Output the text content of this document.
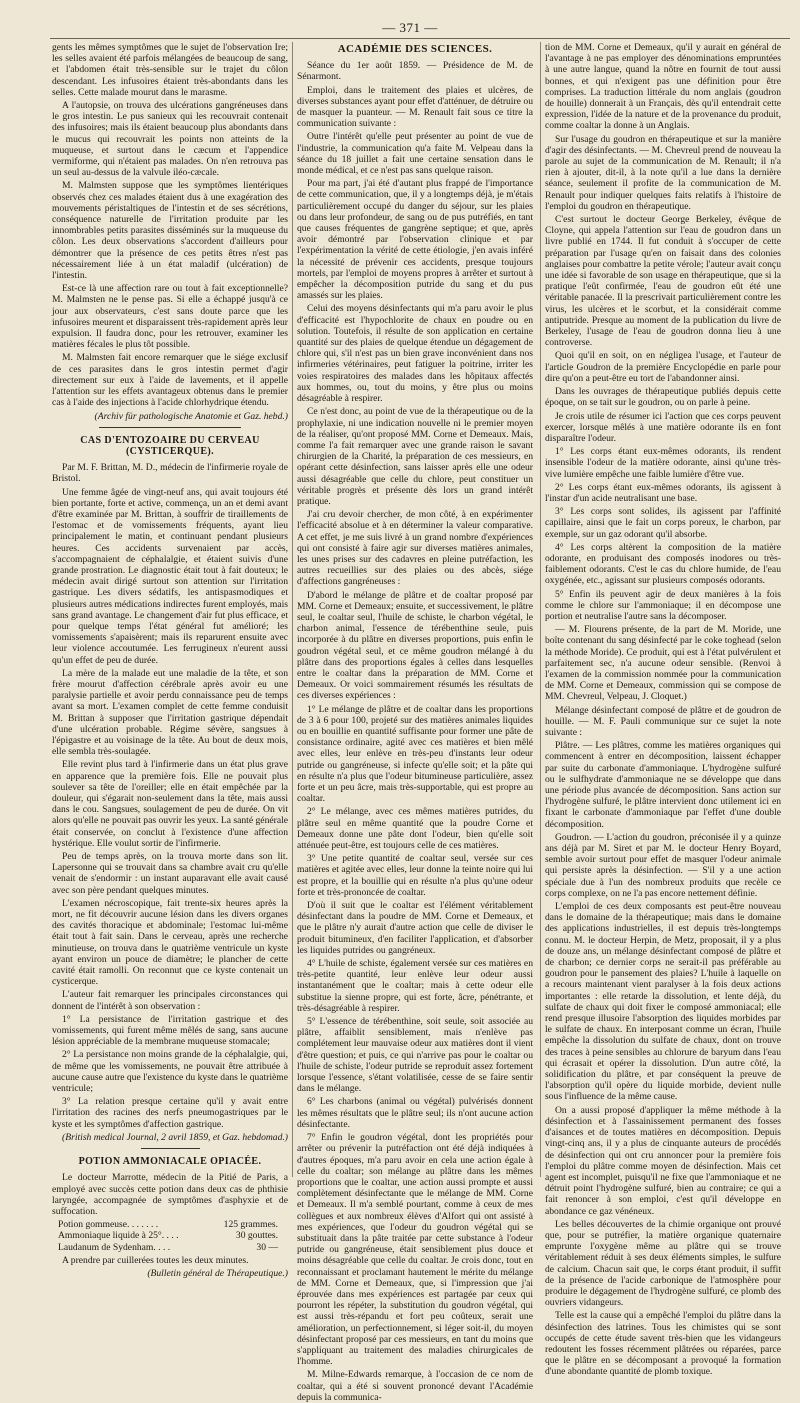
— 371 —

gents les mêmes symptômes que le sujet de l'observation Ire; les selles avaient été parfois mélangées de beaucoup de sang, et l'abdomen était très-sensible sur le trajet du côlon descendant. Les infusoires étaient très-abondants dans les selles. Cette malade mourut dans le marasme.

A l'autopsie, on trouva des ulcérations gangréneuses dans le gros intestin. Le pus sanieux qui les recouvrait contenait des infusoires; mais ils étaient beaucoup plus abondants dans le mucus qui recouvrait les points non atteints de la muqueuse, et surtout dans le cæcum et l'appendice vermiforme, qui n'étaient pas malades. On n'en retrouva pas un seul au-dessus de la valvule iléo-cæcale.

M. Malmsten suppose que les symptômes lientériques observés chez ces malades étaient dus à une exagération des mouvements péristaltiques de l'intestin et de ses sécrétions, conséquence naturelle de l'irritation produite par les innombrables petits parasites disséminés sur la muqueuse du côlon. Les deux observations s'accordent d'ailleurs pour démontrer que la présence de ces petits êtres n'est pas nécessairement liée à un état maladif (ulcération) de l'intestin.

Est-ce là une affection rare ou tout à fait exceptionnelle? M. Malmsten ne le pense pas. Si elle a échappé jusqu'à ce jour aux observateurs, c'est sans doute parce que les infusoires meurent et disparaissent très-rapidement après leur expulsion. Il faudra donc, pour les retrouver, examiner les matières fécales le plus tôt possible.

M. Malmsten fait encore remarquer que le siége exclusif de ces parasites dans le gros intestin permet d'agir directement sur eux à l'aide de lavements, et il appelle l'attention sur les effets avantageux obtenus dans le premier cas à l'aide des injections à l'acide chlorhydrique étendu.

(Archiv für pathologische Anatomie et Gaz. hebd.)
CAS D'ENTOZOAIRE DU CERVEAU (CYSTICERQUE).

Par M. F. Brittan, M. D., médecin de l'infirmerie royale de Bristol.

Une femme âgée de vingt-neuf ans, qui avait toujours été bien portante, forte et active, commença, un an et demi avant d'être examinée par M. Brittan, à souffrir de tiraillements de l'estomac et de vomissements fréquents, ayant lieu principalement le matin, et continuant pendant plusieurs heures. Ces accidents survenaient par accès, s'accompagnaient de céphalalgie, et étaient suivis d'une grande prostration. Le diagnostic était tout à fait douteux; le médecin avait dirigé surtout son attention sur l'irritation gastrique. Les divers sédatifs, les antispasmodiques et plusieurs autres médications indirectes furent employés, mais sans grand avantage. Le changement d'air fut plus efficace, et pour quelque temps l'état général fut amélioré; les vomissements s'apaisèrent; mais ils reparurent ensuite avec leur violence accoutumée. Les ferrugineux n'eurent aussi qu'un effet de peu de durée.

La mère de la malade eut une maladie de la tête, et son frère mourut d'affection cérébrale après avoir eu une paralysie partielle et avoir perdu connaissance peu de temps avant sa mort. L'examen complet de cette femme conduisit M. Brittan à supposer que l'irritation gastrique dépendait d'une ulcération probable. Régime sévère, sangsues à l'épigastre et au voisinage de la tête. Au bout de deux mois, elle sembla très-soulagée.

Elle revint plus tard à l'infirmerie dans un état plus grave en apparence que la première fois. Elle ne pouvait plus soulever sa tête de l'oreiller; elle en était empêchée par la douleur, qui s'égarait non-seulement dans la tête, mais aussi dans le cou. Sangsues, soulagement de peu de durée. On vit alors qu'elle ne pouvait pas ouvrir les yeux. La santé générale était conservée, on conclut à l'existence d'une affection hystérique. Elle voulut sortir de l'infirmerie.

Peu de temps après, on la trouva morte dans son lit. Lapersonne qui se trouvait dans sa chambre avait cru qu'elle venait de s'endormir : un instant auparavant elle avait causé avec son père pendant quelques minutes.

L'examen nécroscopique, fait trente-six heures après la mort, ne fit découvrir aucune lésion dans les divers organes des cavités thoracique et abdominale; l'estomac lui-même était tout à fait sain. Dans le cerveau, après une recherche minutieuse, on trouva dans le quatrième ventricule un kyste ayant environ un pouce de diamètre; le plancher de cette cavité était ramolli. On reconnut que ce kyste contenait un cysticerque.

L'auteur fait remarquer les principales circonstances qui donnent de l'intérêt à son observation :

1° La persistance de l'irritation gastrique et des vomissements, qui furent même mêlés de sang, sans aucune lésion appréciable de la membrane muqueuse stomacale;

2° La persistance non moins grande de la céphalalgie, qui, de même que les vomissements, ne pouvait être attribuée à aucune cause autre que l'existence du kyste dans le quatrième ventricule;

3° La relation presque certaine qu'il y avait entre l'irritation des racines des nerfs pneumogastriques par le kyste et les symptômes d'affection gastrique.

(British medical Journal, 2 avril 1859, et Gaz. hebdomad.)
POTION AMMONIACALE OPIACÉE.

Le docteur Marrotte, médecin de la Pitié de Paris, a employé avec succès cette potion dans deux cas de phthisie laryngée, accompagnée de symptômes d'asphyxie et de suffocation.

Potion gommeuse. . . . . . .	125 grammes.
Ammoniaque liquide à 25°. . . .	30 gouttes.
Laudanum de Sydenham. . . .	30 —

A prendre par cuillerées toutes les deux minutes.

(Bulletin général de Thérapeutique.)
ACADÉMIE DES SCIENCES.

Séance du 1er août 1859. — Présidence de M. de Sénarmont.

Emploi, dans le traitement des plaies et ulcères, de diverses substances ayant pour effet d'atténuer, de détruire ou de masquer la puanteur. — M. Renault fait sous ce titre la communication suivante :

Outre l'intérêt qu'elle peut présenter au point de vue de l'industrie, la communication qu'a faite M. Velpeau dans la séance du 18 juillet a fait une certaine sensation dans le monde médical, et ce n'est pas sans quelque raison.

Pour ma part, j'ai été d'autant plus frappé de l'importance de cette communication, que, il y a longtemps déjà, je m'étais particulièrement occupé du danger du séjour, sur les plaies ou dans leur profondeur, de sang ou de pus putréfiés, en tant que causes fréquentes de gangrène septique; et que, après avoir démontré par l'observation clinique et par l'expérimentation la vérité de cette étiologie, j'en avais inféré la nécessité de prévenir ces accidents, presque toujours mortels, par l'emploi de moyens propres à arrêter et surtout à empêcher la décomposition putride du sang et du pus amassés sur les plaies.

Celui des moyens désinfectants qui m'a paru avoir le plus d'efficacité est l'hypochlorite de chaux en poudre ou en solution. Toutefois, il résulte de son application en certaine quantité sur des plaies de quelque étendue un dégagement de chlore qui, s'il n'est pas un bien grave inconvénient dans nos infirmeries vétérinaires, peut fatiguer la poitrine, irriter les voies respiratoires des malades dans les hôpitaux affectés aux hommes, ou, tout du moins, y être plus ou moins désagréable à respirer.

Ce n'est donc, au point de vue de la thérapeutique ou de la prophylaxie, ni une indication nouvelle ni le premier moyen de la réaliser, qu'ont proposé MM. Corne et Demeaux. Mais, comme l'a fait remarquer avec une grande raison le savant chirurgien de la Charité, la préparation de ces messieurs, en opérant cette désinfection, sans laisser après elle une odeur aussi désagréable que celle du chlore, peut constituer un véritable progrès et présente dès lors un grand intérêt pratique.

J'ai cru devoir chercher, de mon côté, à en expérimenter l'efficacité absolue et à en déterminer la valeur comparative. A cet effet, je me suis livré à un grand nombre d'expériences qui ont consisté à faire agir sur diverses matières animales, les unes prises sur des cadavres en pleine putréfaction, les autres recueillies sur des plaies ou des abcès, siége d'affections gangréneuses :

D'abord le mélange de plâtre et de coaltar proposé par MM. Corne et Demeaux; ensuite, et successivement, le plâtre seul, le coaltar seul, l'huile de schiste, le charbon végétal, le charbon animal, l'essence de térébenthine seule, puis incorporée à du plâtre en diverses proportions, puis enfin le goudron végétal seul, et ce même goudron mélangé à du plâtre dans des proportions égales à celles dans lesquelles entre le coaltar dans la préparation de MM. Corne et Demeaux. Or voici sommairement résumés les résultats de ces diverses expériences :

1° Le mélange de plâtre et de coaltar dans les proportions de 3 à 6 pour 100, projeté sur des matières animales liquides ou en bouillie en quantité suffisante pour former une pâte de consistance ordinaire, agité avec ces matières et bien mêlé avec elles, leur enlève en très-peu d'instants leur odeur putride ou gangréneuse, si infecte qu'elle soit; et la pâte qui en résulte n'a plus que l'odeur bitumineuse particulière, assez forte et un peu âcre, mais très-supportable, qui est propre au coaltar.

2° Le mélange, avec ces mêmes matières putrides, du plâtre seul en même quantité que la poudre Corne et Demeaux donne une pâte dont l'odeur, bien qu'elle soit atténuée peut-être, est toujours celle de ces matières.

3° Une petite quantité de coaltar seul, versée sur ces matières et agitée avec elles, leur donne la teinte noire qui lui est propre, et la bouillie qui en résulte n'a plus qu'une odeur forte et très-prononcée de coaltar.

D'où il suit que le coaltar est l'élément véritablement désinfectant dans la poudre de MM. Corne et Demeaux, et que le plâtre n'y aurait d'autre action que celle de diviser le produit bitumineux, d'en faciliter l'application, et d'absorber les liquides putrides ou gangréneux.

4° L'huile de schiste, également versée sur ces matières en très-petite quantité, leur enlève leur odeur aussi instantanément que le coaltar; mais à cette odeur elle substitue la sienne propre, qui est forte, âcre, pénétrante, et très-désagréable à respirer.

5° L'essence de térébenthine, soit seule, soit associée au plâtre, affaiblit sensiblement, mais n'enlève pas complétement leur mauvaise odeur aux matières dont il vient d'être question; et puis, ce qui n'arrive pas pour le coaltar ou l'huile de schiste, l'odeur putride se reproduit assez fortement lorsque l'essence, s'étant volatilisée, cesse de se faire sentir dans le mélange.

6° Les charbons (animal ou végétal) pulvérisés donnent les mêmes résultats que le plâtre seul; ils n'ont aucune action désinfectante.

7° Enfin le goudron végétal, dont les propriétés pour arrêter ou prévenir la putréfaction ont été déjà indiquées à d'autres époques, m'a paru avoir en cela une action égale à celle du coaltar; son mélange au plâtre dans les mêmes proportions que le coaltar, une action aussi prompte et aussi complètement désinfectante que le mélange de MM. Corne et Demeaux. Il m'a semblé pourtant, comme à ceux de mes collègues et aux nombreux élèves d'Alfort qui ont assisté à mes expériences, que l'odeur du goudron végétal qui se substituait dans la pâte traitée par cette substance à l'odeur putride ou gangréneuse, était sensiblement plus douce et moins désagréable que celle du coaltar. Je crois donc, tout en reconnaissant et proclamant hautement le mérite du mélange de MM. Corne et Demeaux, que, si l'impression que j'ai éprouvée dans mes expériences est partagée par ceux qui pourront les répéter, la substitution du goudron végétal, qui est aussi très-répandu et fort peu coûteux, serait une amélioration, un perfectionnement, si léger soit-il, du moyen désinfectant proposé par ces messieurs, en tant du moins que s'appliquant au traitement des maladies chirurgicales de l'homme.

M. Milne-Edwards remarque, à l'occasion de ce nom de coaltar, qui a été si souvent prononcé devant l'Académie depuis la communica-

tion de MM. Corne et Demeaux, qu'il y aurait en général de l'avantage à ne pas employer des dénominations empruntées à une autre langue, quand la nôtre en fournit de tout aussi bonnes, et qui n'exigent pas une définition pour être comprises. La traduction littérale du nom anglais (goudron de houille) donnerait à un Français, dès qu'il entendrait cette expression, l'idée de la nature et de la provenance du produit, comme coaltar la donne à un Anglais.

Sur l'usage du goudron en thérapeutique et sur la manière d'agir des désinfectants. — M. Chevreul prend de nouveau la parole au sujet de la communication de M. Renault; il n'a rien à ajouter, dit-il, à la note qu'il a lue dans la dernière séance, seulement il profite de la communication de M. Renault pour indiquer quelques faits relatifs à l'histoire de l'emploi du goudron en thérapeutique.

C'est surtout le docteur George Berkeley, évêque de Cloyne, qui appela l'attention sur l'eau de goudron dans un livre publié en 1744. Il fut conduit à s'occuper de cette préparation par l'usage qu'en on faisait dans des colonies anglaises pour combattre la petite vérole; l'auteur avait conçu une idée si favorable de son usage en thérapeutique, que si la pratique l'eût confirmée, l'eau de goudron eût été une véritable panacée. Il la prescrivait particulièrement contre les virus, les ulcères et le scorbut, et la considérait comme antiputride. Presque au moment de la publication du livre de Berkeley, l'usage de l'eau de goudron donna lieu à une controverse.

Quoi qu'il en soit, on en négligea l'usage, et l'auteur de l'article Goudron de la première Encyclopédie en parle pour dire qu'on a peut-être eu tort de l'abandonner ainsi.

Dans les ouvrages de thérapeutique publiés depuis cette époque, on se tait sur le goudron, ou on parle à peine.

Je crois utile de résumer ici l'action que ces corps peuvent exercer, lorsque mêlés à une matière odorante ils en font disparaître l'odeur.

1° Les corps étant eux-mêmes odorants, ils rendent insensible l'odeur de la matière odorante, ainsi qu'une très-vive lumière empêche une faible lumière d'être vue.

2° Les corps étant eux-mêmes odorants, ils agissent à l'instar d'un acide neutralisant une base.

3° Les corps sont solides, ils agissent par l'affinité capillaire, ainsi que le fait un corps poreux, le charbon, par exemple, sur un gaz odorant qu'il absorbe.

4° Les corps altèrent la composition de la matière odorante, en produisant des composés inodores ou très-faiblement odorants. C'est le cas du chlore humide, de l'eau oxygénée, etc., agissant sur plusieurs composés odorants.

5° Enfin ils peuvent agir de deux manières à la fois comme le chlore sur l'ammoniaque; il en décompose une portion et neutralise l'autre sans la décomposer.

— M. Flourens présente, de la part de M. Moride, une boîte contenant du sang désinfecté par le coke toghead (selon la méthode Moride). Ce produit, qui est à l'état pulvérulent et parfaitement sec, n'a aucune odeur sensible. (Renvoi à l'examen de la commission nommée pour la communication de MM. Corne et Demeaux, commission qui se compose de MM. Chevreul, Velpeau, J. Cloquet.)

Mélange désinfectant composé de plâtre et de goudron de houille. — M. F. Pauli communique sur ce sujet la note suivante :

Plâtre. — Les plâtres, comme les matières organiques qui commencent à entrer en décomposition, laissent échapper par suite du carbonate d'ammoniaque. L'hydrogène sulfuré ou le sulfhydrate d'ammoniaque ne se développe que dans une période plus avancée de décomposition. Sans action sur l'hydrogène sulfuré, le plâtre intervient donc utilement ici en fixant le carbonate d'ammoniaque par l'effet d'une double décomposition.

Goudron. — L'action du goudron, préconisée il y a quinze ans déjà par M. Siret et par M. le docteur Henry Boyard, semble avoir surtout pour effet de masquer l'odeur animale qui persiste après la désinfection. — S'il y a une action spéciale due à l'un des nombreux produits que recèle ce corps complexe, on ne l'a pas encore nettement définie.

L'emploi de ces deux composants est peut-être nouveau dans le domaine de la thérapeutique; mais dans le domaine des applications industrielles, il est depuis très-longtemps connu. M. le docteur Herpin, de Metz, proposait, il y a plus de douze ans, un mélange désinfectant composé de plâtre et de charbon; ce dernier corps ne serait-il pas préférable au goudron pour le pansement des plaies? L'huile à laquelle on a recours maintenant vient paralyser à la fois deux actions importantes : elle retarde la dissolution, et lente déjà, du sulfate de chaux qui doit fixer le composé ammoniacal; elle rend presque illusoire l'absorption des liquides morbides par le sulfate de chaux. En interposant comme un écran, l'huile empêche la dissolution du sulfate de chaux, dont on trouve des traces à peine sensibles au chlorure de baryum dans l'eau qui écrasait et opérer la dissolution. D'un autre côté, la solidification du plâtre, et par conséquent la preuve de l'absorption qu'il opère du liquide morbide, devient nulle sous l'influence de la même cause.

On a aussi proposé d'appliquer la même méthode à la désinfection et à l'assainissement permanent des fosses d'aisances et de toutes matières en décomposition. Depuis vingt-cinq ans, il y a plus de cinquante auteurs de procédés de désinfection qui ont cru annoncer pour la première fois l'emploi du plâtre comme moyen de désinfection. Mais cet agent est incomplet, puisqu'il ne fixe que l'ammoniaque et ne détruit point l'hydrogène sulfuré, bien au contraire; ce qui a fait renoncer à son emploi, c'est qu'il développe en abondance ce gaz vénéneux.

Les belles découvertes de la chimie organique ont prouvé que, pour se putréfier, la matière organique quaternaire emprunte l'oxygène même au plâtre qui se trouve véritablement réduit à ses deux éléments simples, le sulfure de calcium. Chacun sait que, le corps étant produit, il suffit de la présence de l'acide carbonique de l'atmosphère pour produire le dégagement de l'hydrogène sulfuré, ce plomb des ouvriers vidangeurs.

Telle est la cause qui a empêché l'emploi du plâtre dans la désinfection des latrines. Tous les chimistes qui se sont occupés de cette étude savent très-bien que les vidangeurs redoutent les fosses récemment plâtrées ou réparées, parce que le plâtre en se décomposant a provoqué la formation d'une abondante quantité de plomb toxique.
